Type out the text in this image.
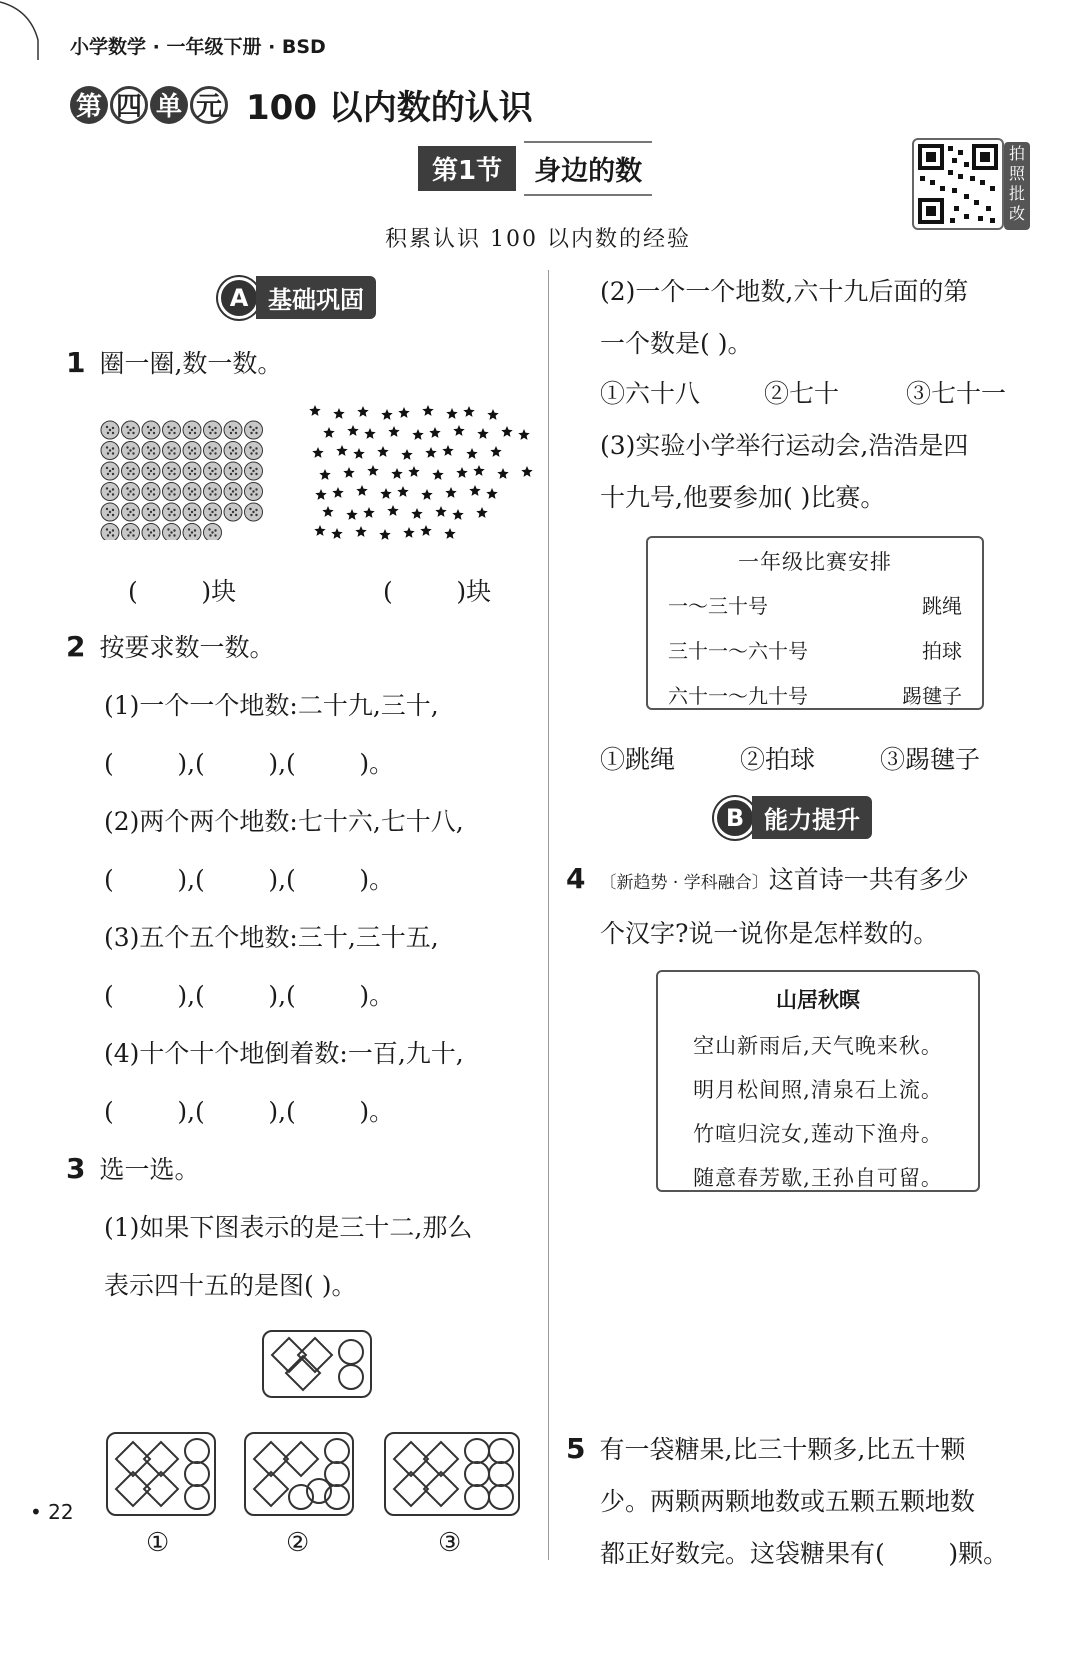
小学数学 · 一年级下册 · BSD
第 四 单 元 100 以内数的认识
第1节	身边的数
拍
照
批
改
积累认识 100 以内数的经验
A 基础巩固
1 圈一圈,数一数。
(        )块	(        )块
2 按要求数一数。
(1)一个一个地数:二十九,三十,
(        ),(        ),(        )。
(2)两个两个地数:七十六,七十八,
(        ),(        ),(        )。
(3)五个五个地数:三十,三十五,
(        ),(        ),(        )。
(4)十个十个地倒着数:一百,九十,
(        ),(        ),(        )。
3 选一选。
(1)如果下图表示的是三十二,那么
表示四十五的是图( )。
①	②	③
• 22
(2)一个一个地数,六十九后面的第
一个数是( )。
①六十八	②七十	③七十一
(3)实验小学举行运动会,浩浩是四
十九号,他要参加( )比赛。
一年级比赛安排
一～三十号	跳绳
三十一～六十号	拍球
六十一～九十号	踢毽子
①跳绳	②拍球	③踢毽子
B 能力提升
4 〔新趋势 · 学科融合〕这首诗一共有多少
个汉字?说一说你是怎样数的。
山居秋暝
空山新雨后,天气晚来秋。
明月松间照,清泉石上流。
竹喧归浣女,莲动下渔舟。
随意春芳歇,王孙自可留。
5 有一袋糖果,比三十颗多,比五十颗
少。两颗两颗地数或五颗五颗地数
都正好数完。这袋糖果有(        )颗。
